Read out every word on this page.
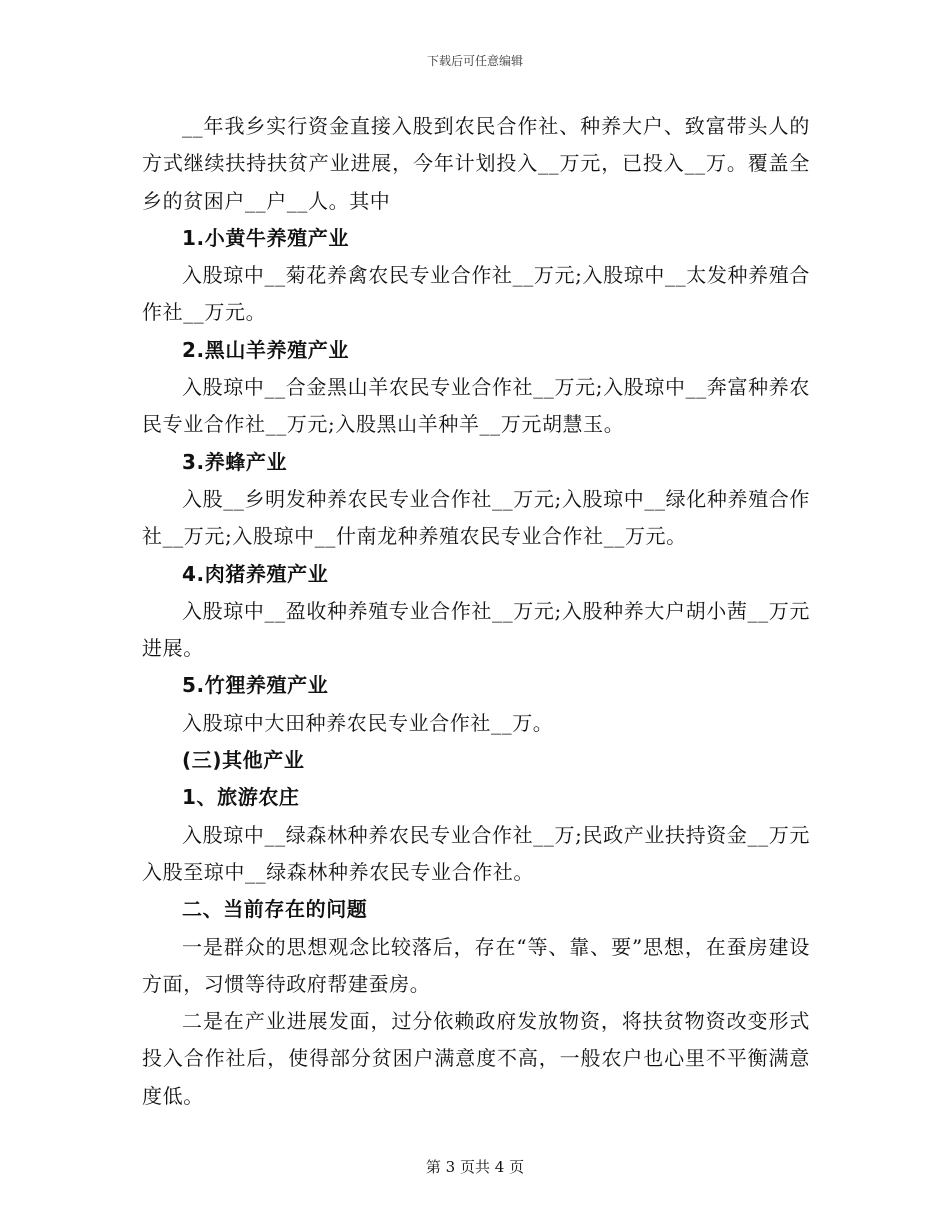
下载后可任意编辑

__年我乡实行资金直接入股到农民合作社、种养大户、致富带头人的方式继续扶持扶贫产业进展，今年计划投入__万元，已投入__万。覆盖全乡的贫困户__户__人。其中

1.小黄牛养殖产业

入股琼中__菊花养禽农民专业合作社__万元;入股琼中__太发种养殖合作社__万元。

2.黑山羊养殖产业

入股琼中__合金黑山羊农民专业合作社__万元;入股琼中__奔富种养农民专业合作社__万元;入股黑山羊种羊__万元胡慧玉。

3.养蜂产业

入股__乡明发种养农民专业合作社__万元;入股琼中__绿化种养殖合作社__万元;入股琼中__什南龙种养殖农民专业合作社__万元。

4.肉猪养殖产业

入股琼中__盈收种养殖专业合作社__万元;入股种养大户胡小茜__万元进展。

5.竹狸养殖产业

入股琼中大田种养农民专业合作社__万。

(三)其他产业

1、旅游农庄

入股琼中__绿森林种养农民专业合作社__万;民政产业扶持资金__万元入股至琼中__绿森林种养农民专业合作社。

二、当前存在的问题

一是群众的思想观念比较落后，存在“等、靠、要”思想，在蚕房建设方面，习惯等待政府帮建蚕房。

二是在产业进展发面，过分依赖政府发放物资，将扶贫物资改变形式投入合作社后，使得部分贫困户满意度不高，一般农户也心里不平衡满意度低。

第 3 页共 4 页
